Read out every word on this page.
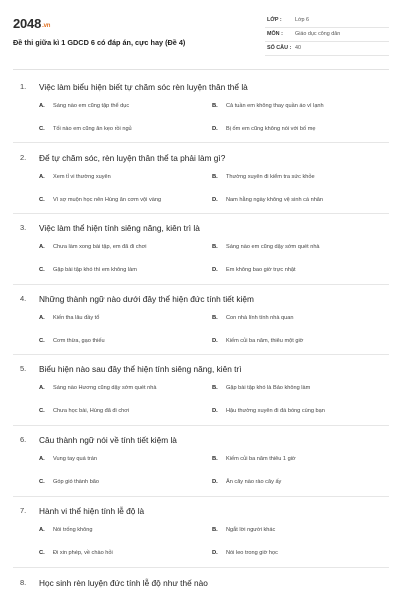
2048.vn
Đề thi giữa kì 1 GDCD 6 có đáp án, cực hay (Đề 4)
LỚP : Lớp 6
MÔN : Giáo dục công dân
SỐ CÂU : 40
1. Việc làm biểu hiện biết tự chăm sóc rèn luyện thân thể là
A. Sáng nào em cũng tập thể dục	B. Cả tuần em không thay quần áo vì lạnh
C. Tối nào em cũng ăn kẹo rồi ngủ	D. Bị ốm em cũng không nói với bố mẹ
2. Để tự chăm sóc, rèn luyện thân thể ta phải làm gì?
A. Xem tỉ vi thường xuyên	B. Thường xuyên đi kiểm tra sức khỏe
C. Vì sợ muộn học nên Hùng ăn cơm vội vàng	D. Nam hằng ngày không vệ sinh cá nhân
3. Việc làm thể hiện tính siêng năng, kiên trì là
A. Chưa làm xong bài tập, em đã đi chơi	B. Sáng nào em cũng dậy sớm quét nhà
C. Gặp bài tập khó thì em không làm	D. Em không bao giờ trực nhật
4. Những thành ngữ nào dưới đây thể hiện đức tính tiết kiệm
A. Kiến tha lâu đầy tổ	B. Con nhà lính tính nhà quan
C. Cơm thừa, gạo thiếu	D. Kiếm củi ba năm, thiêu một giờ
5. Biểu hiện nào sau đây thể hiện tính siêng năng, kiên trì
A. Sáng nào Hương cũng dậy sớm quét nhà	B. Gặp bài tập khó là Bảo không làm
C. Chưa học bài, Hùng đã đi chơi	D. Hậu thường xuyên đi đá bóng cùng bạn
6. Câu thành ngữ nói về tính tiết kiệm là
A. Vung tay quá trán	B. Kiếm củi ba năm thiêu 1 giờ
C. Góp gió thành bão	D. Ăn cây nào rào cây ấy
7. Hành vi thể hiện tính lễ độ là
A. Nói trống không	B. Ngắt lời người khác
C. Đi xin phép, về chào hỏi	D. Nói leo trong giờ học
8. Học sinh rèn luyện đức tính lễ độ như thế nào
